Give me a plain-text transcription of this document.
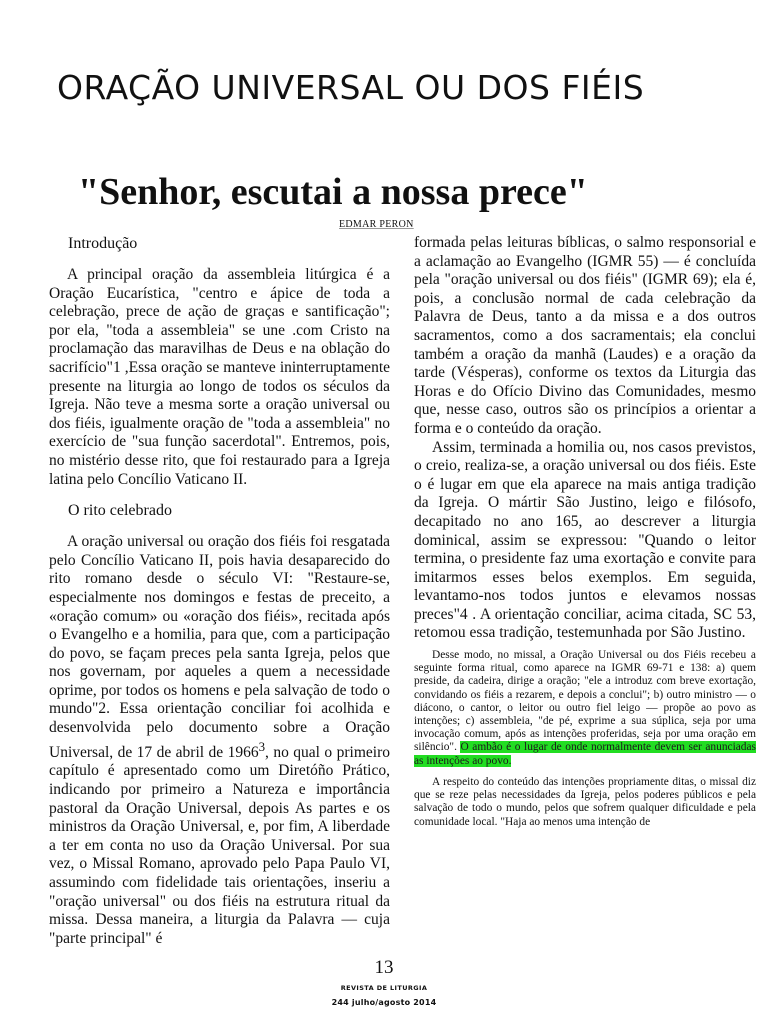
ORAÇÃO UNIVERSAL OU DOS FIÉIS
"Senhor, escutai a nossa prece"
EDMAR PERON
Introdução

A principal oração da assembleia litúrgica é a Oração Eucarística, "centro e ápice de toda a celebração, prece de ação de graças e santificação"; por ela, "toda a assembleia" se une .com Cristo na proclamação das maravilhas de Deus e na oblação do sacrifício"1 ,Essa oração se manteve ininterruptamente presente na liturgia ao longo de todos os séculos da Igreja. Não teve a mesma sorte a oração universal ou dos fiéis, igualmente oração de "toda a assembleia" no exercício de "sua função sacerdotal". Entremos, pois, no mistério desse rito, que foi restaurado para a Igreja latina pelo Concílio Vaticano II.

O rito celebrado

A oração universal ou oração dos fiéis foi resgatada pelo Concílio Vaticano II, pois havia desaparecido do rito romano desde o século VI: "Restaure-se, especialmente nos domingos e festas de preceito, a «oração comum» ou «oração dos fiéis», recitada após o Evangelho e a homilia, para que, com a participação do povo, se façam preces pela santa Igreja, pelos que nos governam, por aqueles a quem a necessidade oprime, por todos os homens e pela salvação de todo o mundo"2. Essa orientação conciliar foi acolhida e desenvolvida pelo documento sobre a Oração Universal, de 17 de abril de 1966$^3$, no qual o primeiro capítulo é apresentado como um Diretóño Prático, indicando por primeiro a Natureza e importância pastoral da Oração Universal, depois As partes e os ministros da Oração Universal, e, por fim, A liberdade a ter em conta no uso da Oração Universal. Por sua vez, o Missal Romano, aprovado pelo Papa Paulo VI, assumindo com fidelidade tais orientações, inseriu a "oração universal" ou dos fiéis na estrutura ritual da missa. Dessa maneira, a liturgia da Palavra — cuja "parte principal" é

formada pelas leituras bíblicas, o salmo responsorial e a aclamação ao Evangelho (IGMR 55) — é concluída pela "oração universal ou dos fiéis" (IGMR 69); ela é, pois, a conclusão normal de cada celebração da Palavra de Deus, tanto a da missa e a dos outros sacramentos, como a dos sacramentais; ela conclui também a oração da manhã (Laudes) e a oração da tarde (Vésperas), conforme os textos da Liturgia das Horas e do Ofício Divino das Comunidades, mesmo que, nesse caso, outros são os princípios a orientar a forma e o conteúdo da oração.

Assim, terminada a homilia ou, nos casos previstos, o creio, realiza-se, a oração universal ou dos fiéis. Este o é lugar em que ela aparece na mais antiga tradição da Igreja. O mártir São Justino, leigo e filósofo, decapitado no ano 165, ao descrever a liturgia dominical, assim se expressou: "Quando o leitor termina, o presidente faz uma exortação e convite para imitarmos esses belos exemplos. Em seguida, levantamo-nos todos juntos e elevamos nossas preces"4 . A orientação conciliar, acima citada, SC 53, retomou essa tradição, testemunhada por São Justino.

Desse modo, no missal, a Oração Universal ou dos Fiéis recebeu a seguinte forma ritual, como aparece na IGMR 69-71 e 138: a) quem preside, da cadeira, dirige a oração; "ele a introduz com breve exortação, convidando os fiéis a rezarem, e depois a conclui"; b) outro ministro — o diácono, o cantor, o leitor ou outro fiel leigo — propõe ao povo as intenções; c) assembleia, "de pé, exprime a sua súplica, seja por uma invocação comum, após as intenções proferidas, seja por uma oração em silêncio". O ambão é o lugar de onde normalmente devem ser anunciadas as intenções ao povo.

A respeito do conteúdo das intenções propriamente ditas, o missal diz que se reze pelas necessidades da Igreja, pelos poderes públicos e pela salvação de todo o mundo, pelos que sofrem qualquer dificuldade e pela comunidade local. "Haja ao menos uma intenção de

13
REVISTA DE LITURGIA
244 julho/agosto 2014
